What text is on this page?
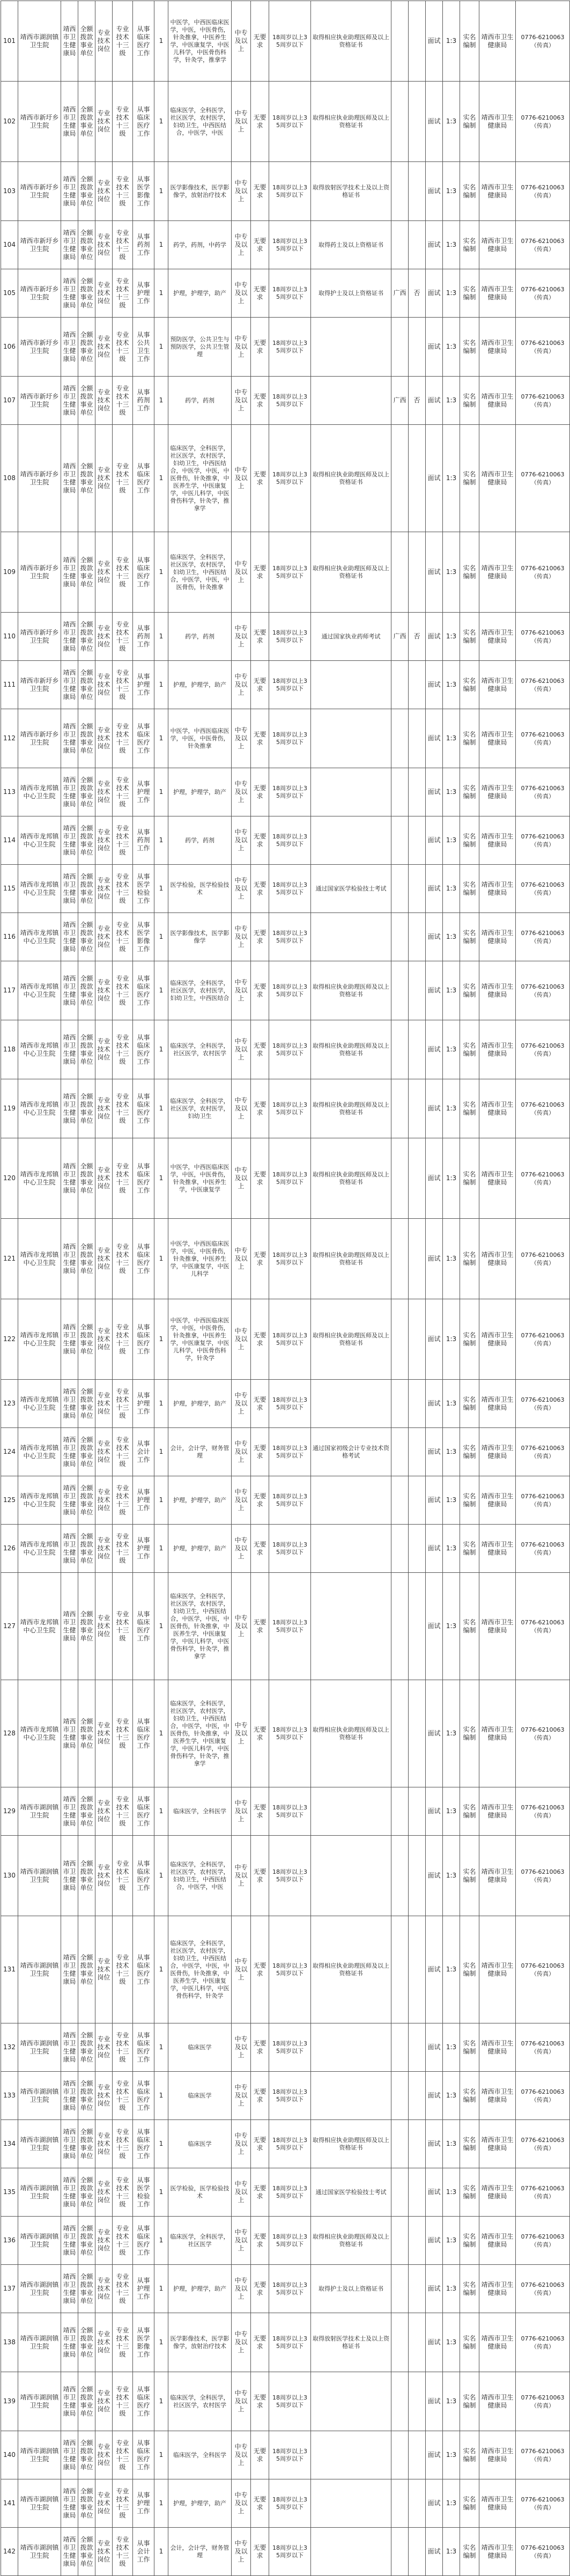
101	靖西市湖润镇卫生院	靖西市卫生健康局	全额拨款事业单位	专业技术岗位	专业技术十三级	从事临床医疗工作	1	中医学，中西医临床医学，中医，中医骨伤，针灸推拿，中医养生学，中医康复学，中医儿科学，中医骨伤科学，针灸学，推拿学	中专及以上	无要求	18周岁以上35周岁以下	取得相应执业助理医师及以上资格证书			面试	1:3	实名编制	靖西市卫生健康局	0776-6210063（传真）
102	靖西市新圩乡卫生院	靖西市卫生健康局	全额拨款事业单位	专业技术岗位	专业技术十三级	从事临床医疗工作	1	临床医学，全科医学，社区医学，农村医学，妇幼卫生，中西医结合，中医学，中医	中专及以上	无要求	18周岁以上35周岁以下	取得相应执业助理医师及以上资格证书			面试	1:3	实名编制	靖西市卫生健康局	0776-6210063（传真）
103	靖西市新圩乡卫生院	靖西市卫生健康局	全额拨款事业单位	专业技术岗位	专业技术十三级	从事医学影像工作	1	医学影像技术，医学影像学，放射治疗技术	中专及以上	无要求	18周岁以上35周岁以下	取得放射医学技术士及以上资格证书			面试	1:3	实名编制	靖西市卫生健康局	0776-6210063（传真）
104	靖西市新圩乡卫生院	靖西市卫生健康局	全额拨款事业单位	专业技术岗位	专业技术十三级	从事药剂工作	1	药学，药剂，中药学	中专及以上	无要求	18周岁以上35周岁以下	取得药士及以上资格证书			面试	1:3	实名编制	靖西市卫生健康局	0776-6210063（传真）
105	靖西市新圩乡卫生院	靖西市卫生健康局	全额拨款事业单位	专业技术岗位	专业技术十三级	从事护理工作	1	护理，护理学，助产	中专及以上	无要求	18周岁以上35周岁以下	取得护士及以上资格证书	广西	否	面试	1:3	实名编制	靖西市卫生健康局	0776-6210063（传真）
106	靖西市新圩乡卫生院	靖西市卫生健康局	全额拨款事业单位	专业技术岗位	专业技术十三级	从事公共卫生工作	1	预防医学，公共卫生与预防医学，公共卫生管理	中专及以上	无要求	18周岁以上35周岁以下				面试	1:3	实名编制	靖西市卫生健康局	0776-6210063（传真）
107	靖西市新圩乡卫生院	靖西市卫生健康局	全额拨款事业单位	专业技术岗位	专业技术十三级	从事药剂工作	1	药学，药剂	中专及以上	无要求	18周岁以上35周岁以下		广西	否	面试	1:3	实名编制	靖西市卫生健康局	0776-6210063（传真）
108	靖西市新圩乡卫生院	靖西市卫生健康局	全额拨款事业单位	专业技术岗位	专业技术十三级	从事临床医疗工作	1	临床医学，全科医学，社区医学，农村医学，妇幼卫生，中西医结合，中医学，中医，中医骨伤，针灸推拿，中医养生学，中医康复学，中医儿科学，中医骨伤科学，针灸学，推拿学	中专及以上	无要求	18周岁以上35周岁以下	取得相应执业助理医师及以上资格证书			面试	1:3	实名编制	靖西市卫生健康局	0776-6210063（传真）
109	靖西市新圩乡卫生院	靖西市卫生健康局	全额拨款事业单位	专业技术岗位	专业技术十三级	从事临床医疗工作	1	临床医学，全科医学，社区医学，农村医学，妇幼卫生，中西医结合，中医学，中医，中医骨伤，针灸推拿	中专及以上	无要求	18周岁以上35周岁以下	取得相应执业助理医师及以上资格证书			面试	1:3	实名编制	靖西市卫生健康局	0776-6210063（传真）
110	靖西市新圩乡卫生院	靖西市卫生健康局	全额拨款事业单位	专业技术岗位	专业技术十三级	从事药剂工作	1	药学，药剂	中专及以上	无要求	18周岁以上35周岁以下	通过国家执业药师考试	广西	否	面试	1:3	实名编制	靖西市卫生健康局	0776-6210063（传真）
111	靖西市新圩乡卫生院	靖西市卫生健康局	全额拨款事业单位	专业技术岗位	专业技术十三级	从事护理工作	1	护理，护理学，助产	中专及以上	无要求	18周岁以上35周岁以下				面试	1:3	实名编制	靖西市卫生健康局	0776-6210063（传真）
112	靖西市新圩乡卫生院	靖西市卫生健康局	全额拨款事业单位	专业技术岗位	专业技术十三级	从事临床医疗工作	1	中医学，中西医临床医学，中医，中医骨伤，针灸推拿	中专及以上	无要求	18周岁以上35周岁以下				面试	1:3	实名编制	靖西市卫生健康局	0776-6210063（传真）
113	靖西市龙邦镇中心卫生院	靖西市卫生健康局	全额拨款事业单位	专业技术岗位	专业技术十三级	从事护理工作	1	护理，护理学，助产	中专及以上	无要求	18周岁以上35周岁以下				面试	1:3	实名编制	靖西市卫生健康局	0776-6210063（传真）
114	靖西市龙邦镇中心卫生院	靖西市卫生健康局	全额拨款事业单位	专业技术岗位	专业技术十三级	从事药剂工作	1	药学，药剂	中专及以上	无要求	18周岁以上35周岁以下				面试	1:3	实名编制	靖西市卫生健康局	0776-6210063（传真）
115	靖西市龙邦镇中心卫生院	靖西市卫生健康局	全额拨款事业单位	专业技术岗位	专业技术十三级	从事医学检验工作	1	医学检验，医学检验技术	中专及以上	无要求	18周岁以上35周岁以下	通过国家医学检验技士考试			面试	1:3	实名编制	靖西市卫生健康局	0776-6210063（传真）
116	靖西市龙邦镇中心卫生院	靖西市卫生健康局	全额拨款事业单位	专业技术岗位	专业技术十三级	从事医学影像工作	1	医学影像技术，医学影像学	中专及以上	无要求	18周岁以上35周岁以下				面试	1:3	实名编制	靖西市卫生健康局	0776-6210063（传真）
117	靖西市龙邦镇中心卫生院	靖西市卫生健康局	全额拨款事业单位	专业技术岗位	专业技术十三级	从事临床医疗工作	1	临床医学，全科医学，社区医学，农村医学，妇幼卫生，中西医结合	中专及以上	无要求	18周岁以上35周岁以下	取得相应执业助理医师及以上资格证书			面试	1:3	实名编制	靖西市卫生健康局	0776-6210063（传真）
118	靖西市龙邦镇中心卫生院	靖西市卫生健康局	全额拨款事业单位	专业技术岗位	专业技术十三级	从事临床医疗工作	1	临床医学，全科医学，社区医学，农村医学	中专及以上	无要求	18周岁以上35周岁以下	取得相应执业助理医师及以上资格证书			面试	1:3	实名编制	靖西市卫生健康局	0776-6210063（传真）
119	靖西市龙邦镇中心卫生院	靖西市卫生健康局	全额拨款事业单位	专业技术岗位	专业技术十三级	从事临床医疗工作	1	临床医学，全科医学，社区医学，农村医学，妇幼卫生	中专及以上	无要求	18周岁以上35周岁以下	取得相应执业助理医师及以上资格证书			面试	1:3	实名编制	靖西市卫生健康局	0776-6210063（传真）
120	靖西市龙邦镇中心卫生院	靖西市卫生健康局	全额拨款事业单位	专业技术岗位	专业技术十三级	从事临床医疗工作	1	中医学，中西医临床医学，中医，中医骨伤，针灸推拿，中医养生学，中医康复学	中专及以上	无要求	18周岁以上35周岁以下	取得相应执业助理医师及以上资格证书			面试	1:3	实名编制	靖西市卫生健康局	0776-6210063（传真）
121	靖西市龙邦镇中心卫生院	靖西市卫生健康局	全额拨款事业单位	专业技术岗位	专业技术十三级	从事临床医疗工作	1	中医学，中西医临床医学，中医，中医骨伤，针灸推拿，中医养生学，中医康复学，中医儿科学	中专及以上	无要求	18周岁以上35周岁以下	取得相应执业助理医师及以上资格证书			面试	1:3	实名编制	靖西市卫生健康局	0776-6210063（传真）
122	靖西市龙邦镇中心卫生院	靖西市卫生健康局	全额拨款事业单位	专业技术岗位	专业技术十三级	从事临床医疗工作	1	中医学，中西医临床医学，中医，中医骨伤，针灸推拿，中医养生学，中医康复学，中医儿科学，中医骨伤科学，针灸学	中专及以上	无要求	18周岁以上35周岁以下	取得相应执业助理医师及以上资格证书			面试	1:3	实名编制	靖西市卫生健康局	0776-6210063（传真）
123	靖西市龙邦镇中心卫生院	靖西市卫生健康局	全额拨款事业单位	专业技术岗位	专业技术十三级	从事护理工作	1	护理，护理学，助产	中专及以上	无要求	18周岁以上35周岁以下				面试	1:3	实名编制	靖西市卫生健康局	0776-6210063（传真）
124	靖西市龙邦镇中心卫生院	靖西市卫生健康局	全额拨款事业单位	专业技术岗位	专业技术十三级	从事会计工作	1	会计，会计学，财务管理	中专及以上	无要求	18周岁以上35周岁以下	通过国家初级会计专业技术资格考试			面试	1:3	实名编制	靖西市卫生健康局	0776-6210063（传真）
125	靖西市龙邦镇中心卫生院	靖西市卫生健康局	全额拨款事业单位	专业技术岗位	专业技术十三级	从事护理工作	1	护理，护理学，助产	中专及以上	无要求	18周岁以上35周岁以下				面试	1:3	实名编制	靖西市卫生健康局	0776-6210063（传真）
126	靖西市龙邦镇中心卫生院	靖西市卫生健康局	全额拨款事业单位	专业技术岗位	专业技术十三级	从事护理工作	1	护理，护理学，助产	中专及以上	无要求	18周岁以上35周岁以下				面试	1:3	实名编制	靖西市卫生健康局	0776-6210063（传真）
127	靖西市龙邦镇中心卫生院	靖西市卫生健康局	全额拨款事业单位	专业技术岗位	专业技术十三级	从事临床医疗工作	1	临床医学，全科医学，社区医学，农村医学，妇幼卫生，中西医结合，中医学，中医，中医骨伤，针灸推拿，中医养生学，中医康复学，中医儿科学，中医骨伤科学，针灸学，推拿学	中专及以上	无要求	18周岁以上35周岁以下				面试	1:3	实名编制	靖西市卫生健康局	0776-6210063（传真）
128	靖西市龙邦镇中心卫生院	靖西市卫生健康局	全额拨款事业单位	专业技术岗位	专业技术十三级	从事临床医疗工作	1	临床医学，全科医学，社区医学，农村医学，妇幼卫生，中西医结合，中医学，中医，中医骨伤，针灸推拿，中医养生学，中医康复学，中医儿科学，中医骨伤科学，针灸学，推拿学	中专及以上	无要求	18周岁以上35周岁以下	取得相应执业助理医师及以上资格证书			面试	1:3	实名编制	靖西市卫生健康局	0776-6210063（传真）
129	靖西市湖润镇卫生院	靖西市卫生健康局	全额拨款事业单位	专业技术岗位	专业技术十三级	从事临床医疗工作	1	临床医学，全科医学	中专及以上	无要求	18周岁以上35周岁以下				面试	1:3	实名编制	靖西市卫生健康局	0776-6210063（传真）
130	靖西市湖润镇卫生院	靖西市卫生健康局	全额拨款事业单位	专业技术岗位	专业技术十三级	从事临床医疗工作	1	临床医学，全科医学，社区医学，农村医学，妇幼卫生，中西医结合，中医学，中医	中专及以上	无要求	18周岁以上35周岁以下				面试	1:3	实名编制	靖西市卫生健康局	0776-6210063（传真）
131	靖西市湖润镇卫生院	靖西市卫生健康局	全额拨款事业单位	专业技术岗位	专业技术十三级	从事临床医疗工作	1	临床医学，全科医学，社区医学，农村医学，妇幼卫生，中西医结合，中医学，中医，中医骨伤，针灸推拿，中医养生学，中医康复学，中医儿科学，中医骨伤科学，针灸学	中专及以上	无要求	18周岁以上35周岁以下	取得相应执业助理医师及以上资格证书			面试	1:3	实名编制	靖西市卫生健康局	0776-6210063（传真）
132	靖西市湖润镇卫生院	靖西市卫生健康局	全额拨款事业单位	专业技术岗位	专业技术十三级	从事临床医疗工作	1	临床医学	中专及以上	无要求	18周岁以上35周岁以下				面试	1:3	实名编制	靖西市卫生健康局	0776-6210063（传真）
133	靖西市湖润镇卫生院	靖西市卫生健康局	全额拨款事业单位	专业技术岗位	专业技术十三级	从事临床医疗工作	1	临床医学	中专及以上	无要求	18周岁以上35周岁以下				面试	1:3	实名编制	靖西市卫生健康局	0776-6210063（传真）
134	靖西市湖润镇卫生院	靖西市卫生健康局	全额拨款事业单位	专业技术岗位	专业技术十三级	从事临床医疗工作	1	临床医学	中专及以上	无要求	18周岁以上35周岁以下	取得相应执业助理医师及以上资格证书			面试	1:3	实名编制	靖西市卫生健康局	0776-6210063（传真）
135	靖西市湖润镇卫生院	靖西市卫生健康局	全额拨款事业单位	专业技术岗位	专业技术十三级	从事医学检验工作	1	医学检验，医学检验技术	中专及以上	无要求	18周岁以上35周岁以下	通过国家医学检验技士考试			面试	1:3	实名编制	靖西市卫生健康局	0776-6210063（传真）
136	靖西市湖润镇卫生院	靖西市卫生健康局	全额拨款事业单位	专业技术岗位	专业技术十三级	从事临床医疗工作	1	临床医学，全科医学，社区医学	中专及以上	无要求	18周岁以上35周岁以下	取得相应执业助理医师及以上资格证书			面试	1:3	实名编制	靖西市卫生健康局	0776-6210063（传真）
137	靖西市湖润镇卫生院	靖西市卫生健康局	全额拨款事业单位	专业技术岗位	专业技术十三级	从事护理工作	1	护理，护理学，助产	中专及以上	无要求	18周岁以上35周岁以下	取得护士及以上资格证书			面试	1:3	实名编制	靖西市卫生健康局	0776-6210063（传真）
138	靖西市湖润镇卫生院	靖西市卫生健康局	全额拨款事业单位	专业技术岗位	专业技术十三级	从事医学影像工作	1	医学影像技术，医学影像学，放射治疗技术	中专及以上	无要求	18周岁以上35周岁以下	取得放射医学技术士及以上资格证书			面试	1:3	实名编制	靖西市卫生健康局	0776-6210063（传真）
139	靖西市湖润镇卫生院	靖西市卫生健康局	全额拨款事业单位	专业技术岗位	专业技术十三级	从事临床医疗工作	1	临床医学，全科医学，社区医学，农村医学	中专及以上	无要求	18周岁以上35周岁以下				面试	1:3	实名编制	靖西市卫生健康局	0776-6210063（传真）
140	靖西市湖润镇卫生院	靖西市卫生健康局	全额拨款事业单位	专业技术岗位	专业技术十三级	从事临床医疗工作	1	临床医学，全科医学	中专及以上	无要求	18周岁以上35周岁以下				面试	1:3	实名编制	靖西市卫生健康局	0776-6210063（传真）
141	靖西市湖润镇卫生院	靖西市卫生健康局	全额拨款事业单位	专业技术岗位	专业技术十三级	从事护理工作	1	护理，护理学，助产	中专及以上	无要求	18周岁以上35周岁以下				面试	1:3	实名编制	靖西市卫生健康局	0776-6210063（传真）
142	靖西市湖润镇卫生院	靖西市卫生健康局	全额拨款事业单位	专业技术岗位	专业技术十三级	从事会计工作	1	会计，会计学，财务管理	中专及以上	无要求	18周岁以上35周岁以下				面试	1:3	实名编制	靖西市卫生健康局	0776-6210063（传真）
